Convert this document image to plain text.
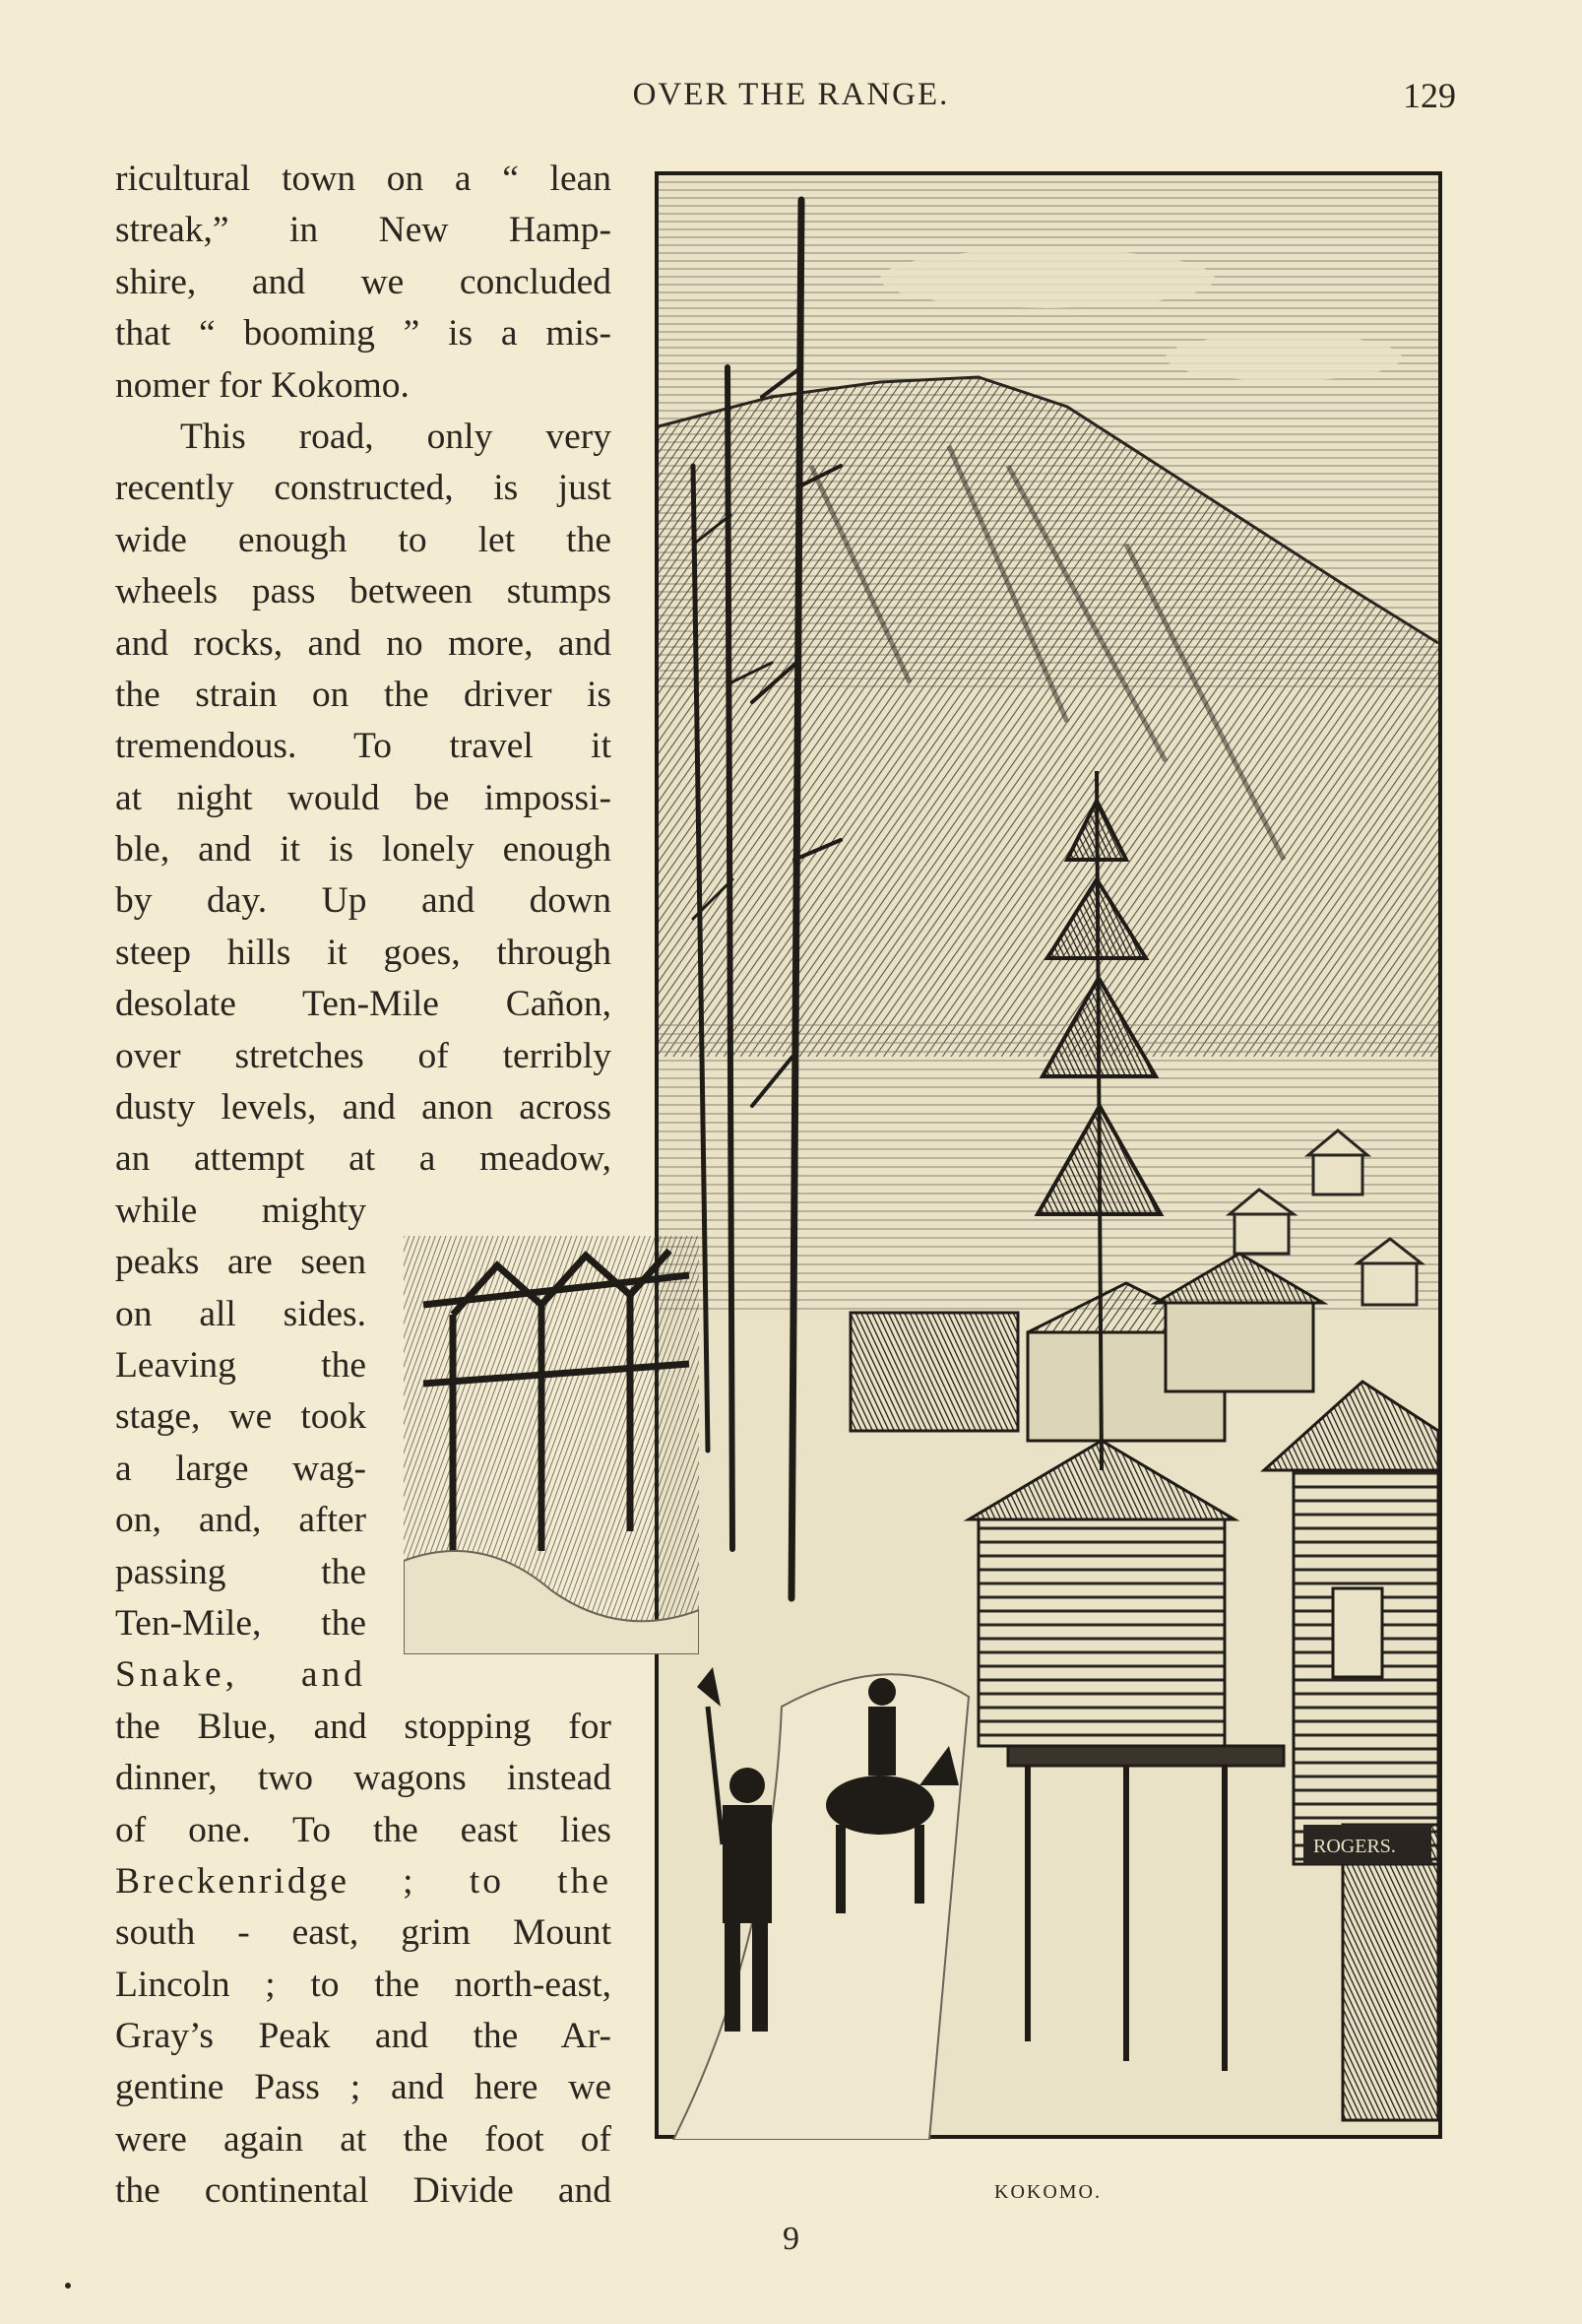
OVER THE RANGE.	129
ricultural town on a “ lean
streak,” in New Hamp-
shire, and we concluded
that “ booming ” is a mis-
nomer for Kokomo.
This road, only very
recently constructed, is just
wide enough to let the
wheels pass between stumps
and rocks, and no more, and
the strain on the driver is
tremendous. To travel it
at night would be impossi-
ble, and it is lonely enough
by day. Up and down
steep hills it goes, through
desolate Ten-Mile Cañon,
over stretches of terribly
dusty levels, and anon across
an attempt at a meadow,
while mighty
peaks are seen
on all sides.
Leaving the
stage, we took
a large wag-
on, and, after
passing the
Ten-Mile, the
Snake, and
the Blue, and stopping for
dinner, two wagons instead
of one. To the east lies
Breckenridge ; to the
south - east, grim Mount
Lincoln ; to the north-east,
Gray’s Peak and the Ar-
gentine Pass ; and here we
were again at the foot of
the continental Divide and
ROGERS.
KOKOMO.
9
